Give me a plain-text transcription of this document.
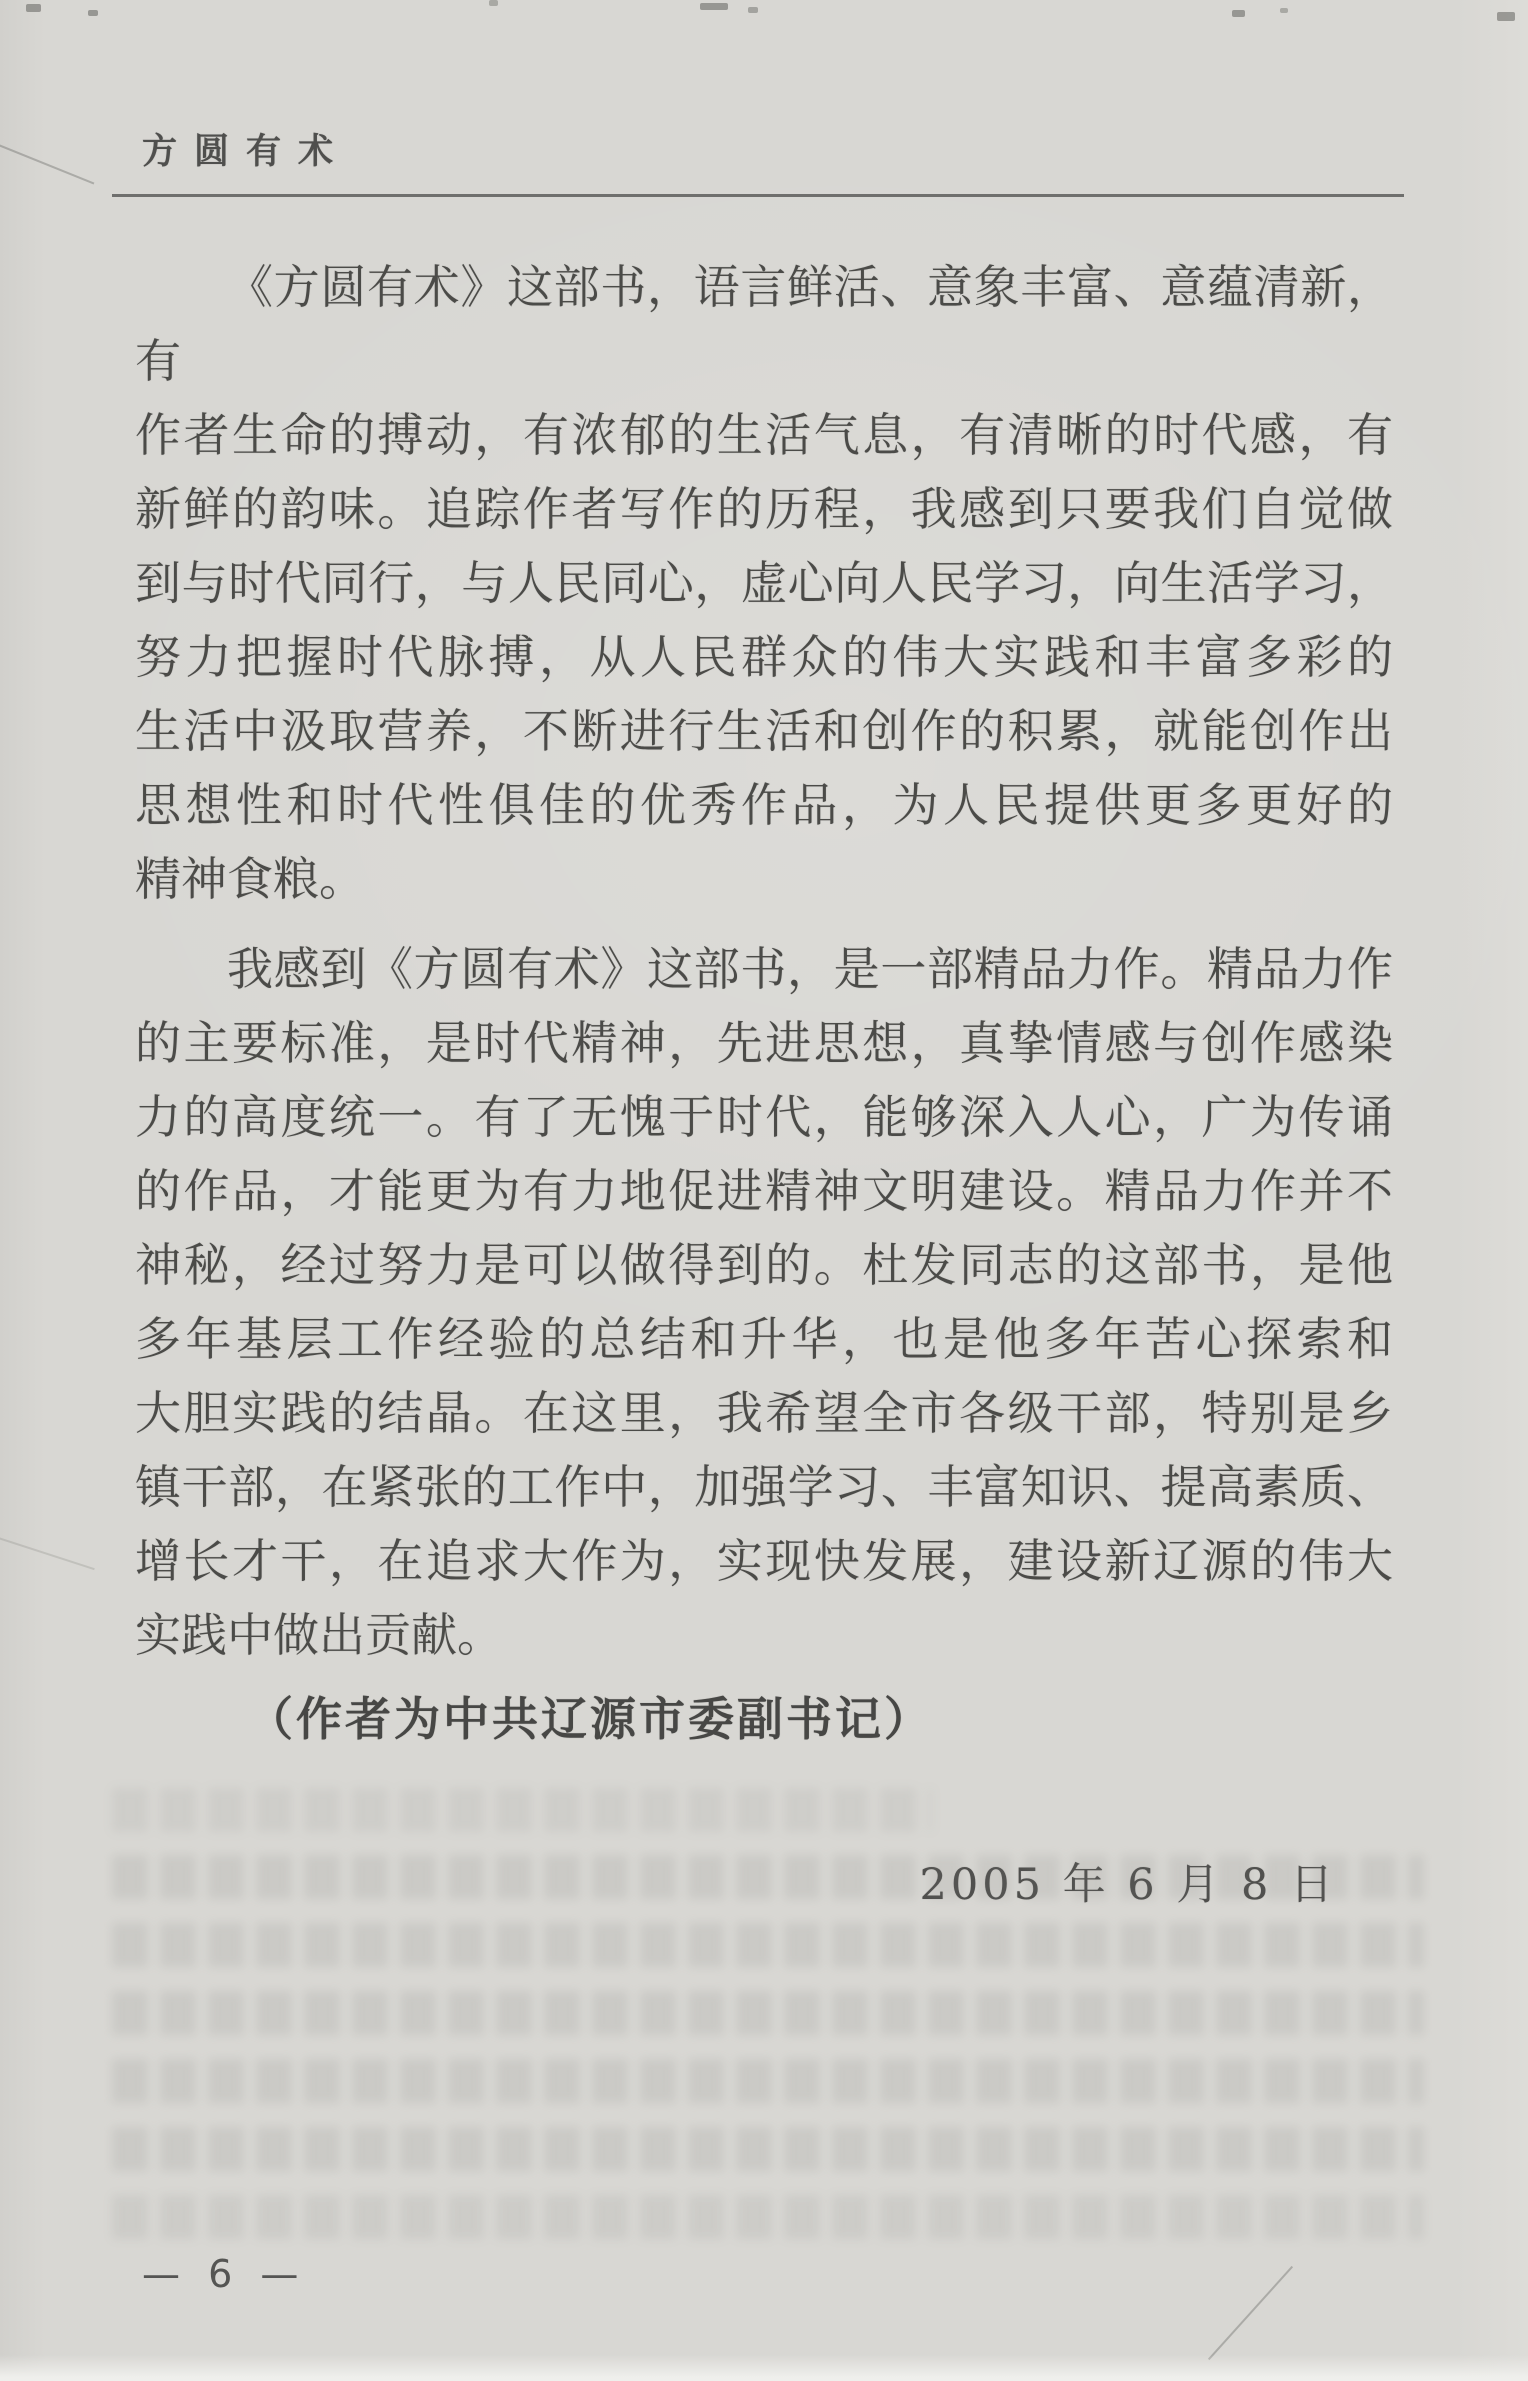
方圆有术
《方圆有术》这部书，语言鲜活、意象丰富、意蕴清新，有
作者生命的搏动，有浓郁的生活气息，有清晰的时代感，有
新鲜的韵味。追踪作者写作的历程，我感到只要我们自觉做
到与时代同行，与人民同心，虚心向人民学习，向生活学习，
努力把握时代脉搏，从人民群众的伟大实践和丰富多彩的
生活中汲取营养，不断进行生活和创作的积累，就能创作出
思想性和时代性俱佳的优秀作品，为人民提供更多更好的
精神食粮。
我感到《方圆有术》这部书，是一部精品力作。精品力作
的主要标准，是时代精神，先进思想，真挚情感与创作感染
力的高度统一。有了无愧于时代，能够深入人心，广为传诵
的作品，才能更为有力地促进精神文明建设。精品力作并不
神秘，经过努力是可以做得到的。杜发同志的这部书，是他
多年基层工作经验的总结和升华，也是他多年苦心探索和
大胆实践的结晶。在这里，我希望全市各级干部，特别是乡
镇干部，在紧张的工作中，加强学习、丰富知识、提高素质、
增长才干，在追求大作为，实现快发展，建设新辽源的伟大
实践中做出贡献。
（作者为中共辽源市委副书记）
2005 年 6 月 8 日
— 6 —
